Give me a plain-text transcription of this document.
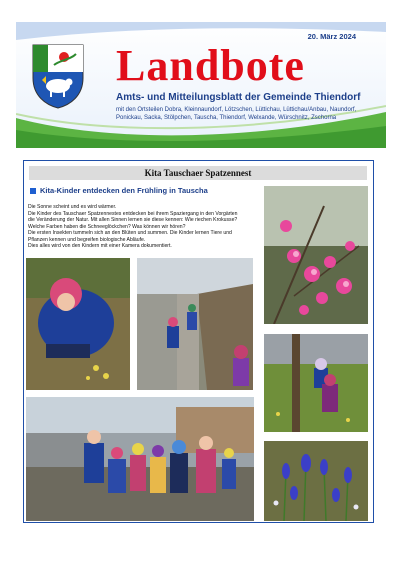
20. März 2024
Landbote
Amts- und Mitteilungsblatt der Gemeinde Thiendorf
mit den Ortsteilen Dobra, Kleinnaundorf, Lötzschen, Lüttichau, Lüttichau/Anbau, Naundorf, Ponickau, Sacka, Stölpchen, Tauscha, Thiendorf, Welxande, Würschnitz, Zschorna
Kita Tauschaer Spatzennest
Kita-Kinder entdecken den Frühling in Tauscha

Die Sonne scheint und es wird wärmer.

Die Kinder des Tauschaer Spatzennestes entdecken bei ihrem Spaziergang in den Vorgärten

die Veränderung der Natur. Mit allen Sinnen lernen sie diese kennen: Wie riechen Krokusse?

Welche Farben haben die Schneeglöckchen? Was können wir hören?

Die ersten Insekten tummeln sich an den Blüten und summen. Die Kinder lernen Tiere und

Pflanzen kennen und begreifen biologische Abläufe.

Dies alles wird von den Kindern mit einer Kamera dokumentiert.
